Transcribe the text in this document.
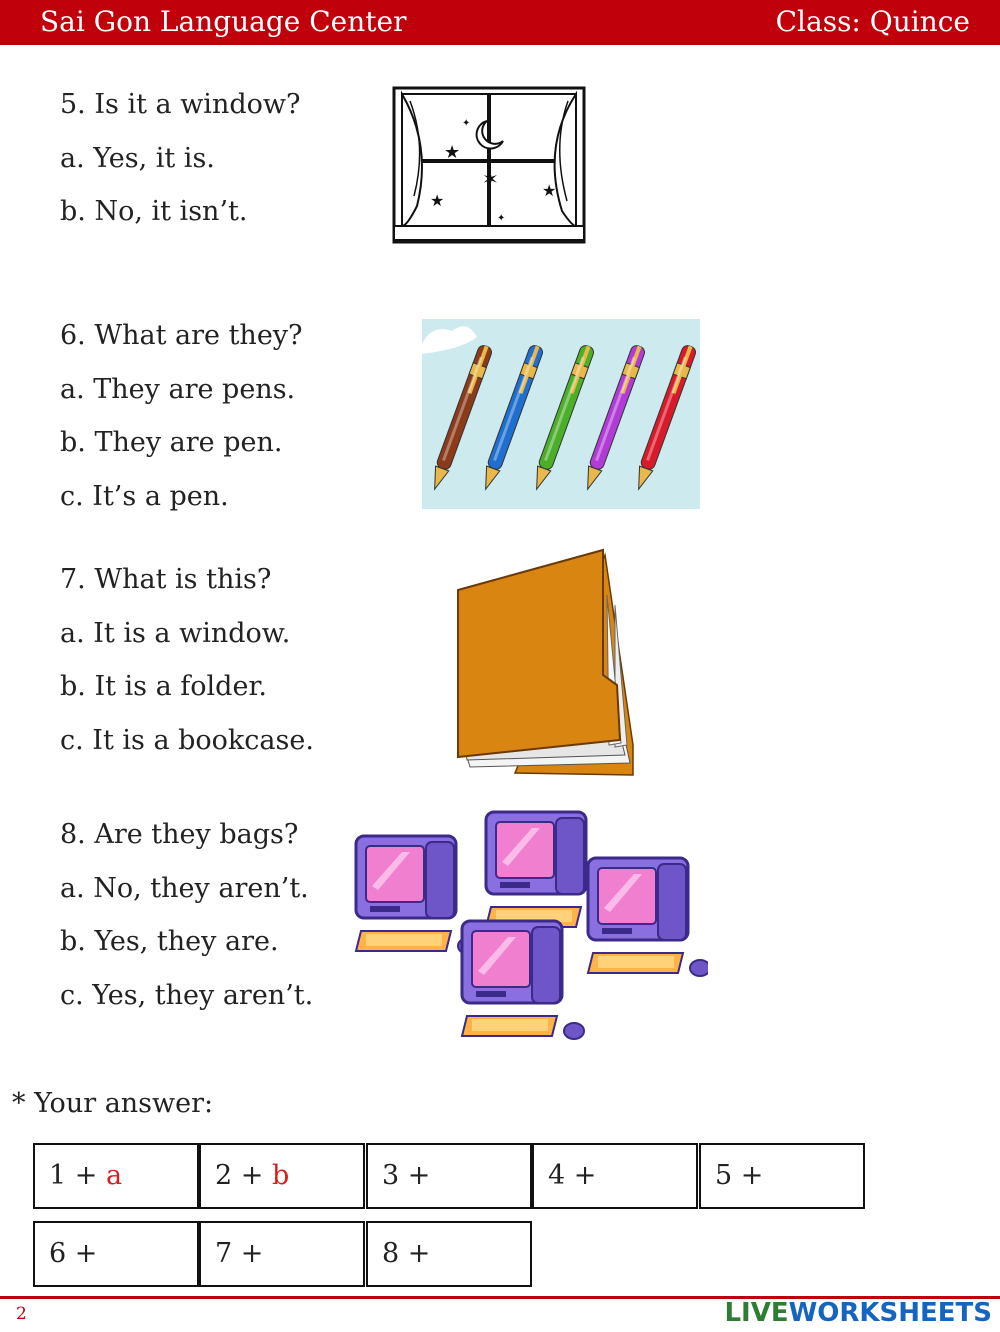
Sai Gon Language Center	Class: Quince
5. Is it a window?
a. Yes, it is.
b. No, it isn’t.
★
✶	★
★
✦
✦
6. What are they?
a. They are pens.
b. They are pen.
c. It’s a pen.
7. What is this?
a. It is a window.
b. It is a folder.
c. It is a bookcase.
8. Are they bags?
a. No, they aren’t.
b. Yes, they are.
c. Yes, they aren’t.
* Your answer:
1 + a	2 + b	3 +	4 +	5 +
6 +	7 +	8 +
2	LIVEWORKSHEETS
